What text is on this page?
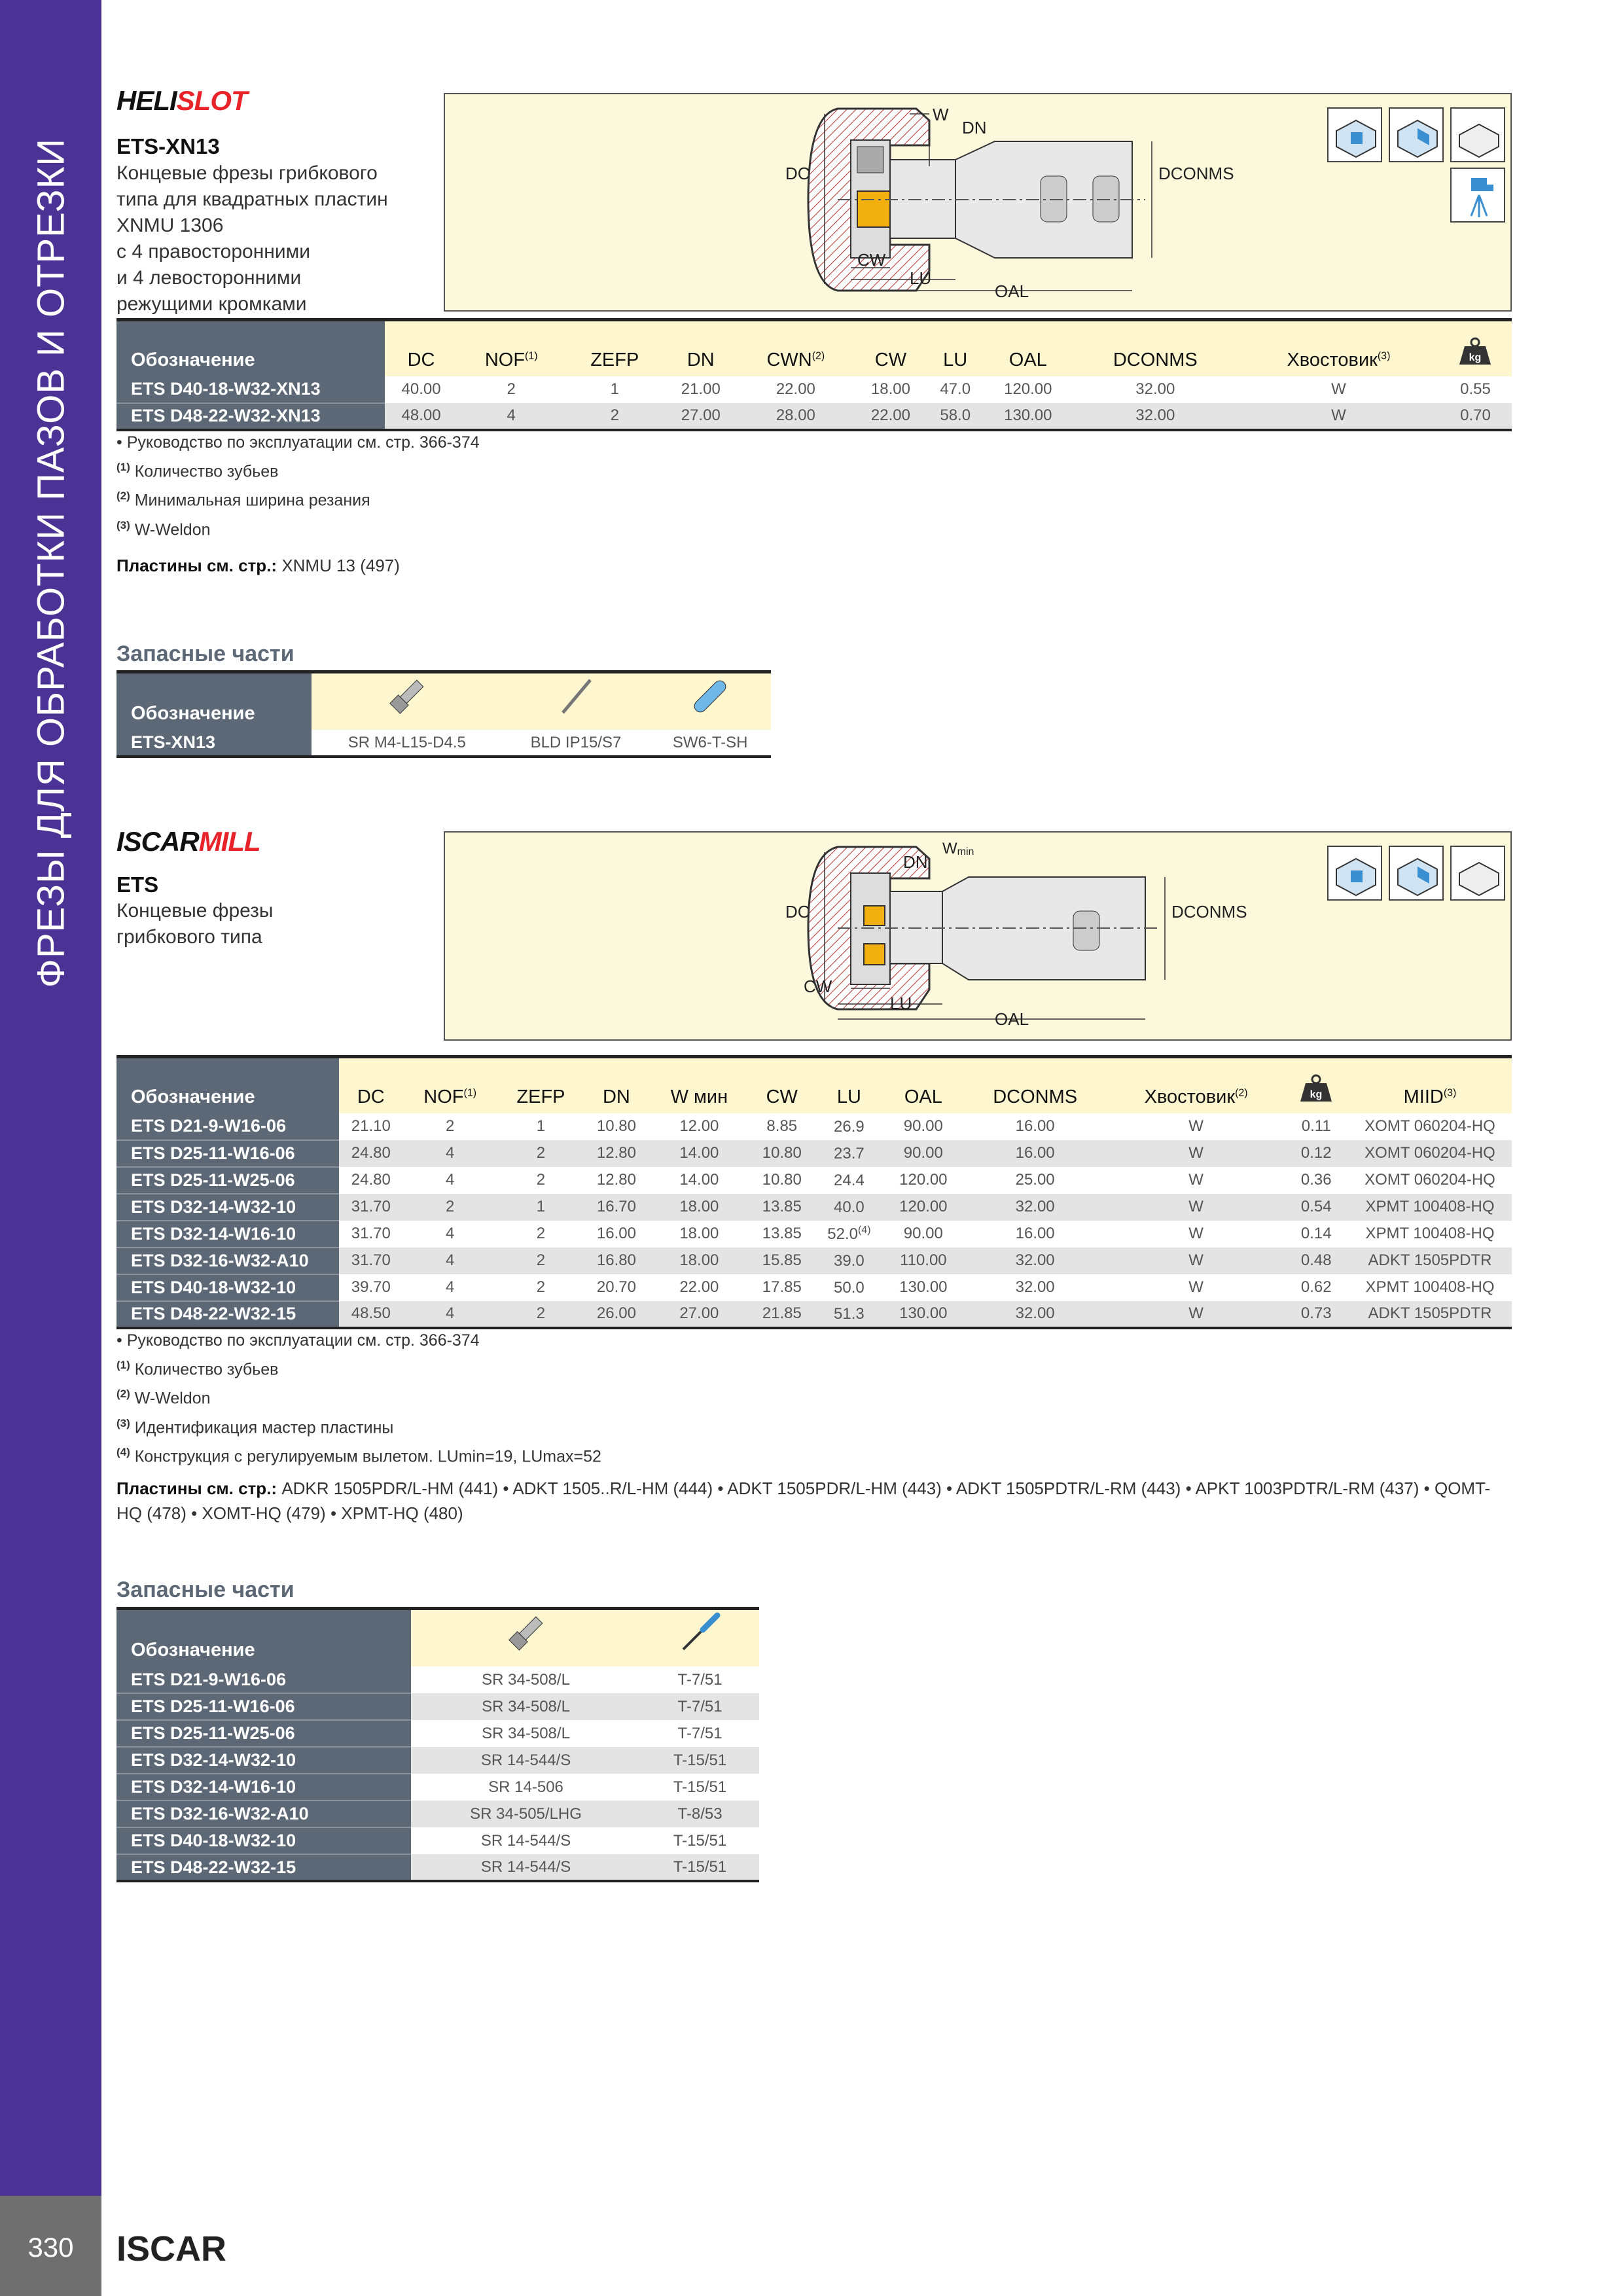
ФРЕЗЫ ДЛЯ ОБРАБОТКИ ПАЗОВ И ОТРЕЗКИ
330	ISCAR
HELISLOT
ETS-XN13
Концевые фрезы грибкового
типа для квадратных пластин
XNMU 1306
с 4 правосторонними
и 4 левосторонними
режущими кромками
W
DN
DC	DCONMS
CW
LU
OAL
Обозначение	DC	NOF$^{(1)}$	ZEFP	DN	CWN$^{(2)}$	CW	LU	OAL	DCONMS	Хвостовик$^{(3)}$	kg

ETS D40-18-W32-XN13	40.00	2	1	21.00	22.00	18.00	47.0	120.00	32.00	W	0.55
ETS D48-22-W32-XN13	48.00	4	2	27.00	28.00	22.00	58.0	130.00	32.00	W	0.70
• Руководство по эксплуатации см. стр. 366-374
$^{(1)}$ Количество зубьев
$^{(2)}$ Минимальная ширина резания
$^{(3)}$ W-Weldon
Пластины см. стр.: XNMU 13 (497)
Запасные части
Обозначение			
ETS-XN13	SR M4-L15-D4.5	BLD IP15/S7	SW6-T-SH
ISCARMILL
ETS
Концевые фрезы
грибкового типа
Wmin
DN
DC	DCONMS
CW
LU
OAL
Обозначение	DC	NOF$^{(1)}$	ZEFP	DN	W мин	CW	LU	OAL	DCONMS	Хвостовик$^{(2)}$	kg	MIID$^{(3)}$
ETS D21-9-W16-06	21.10	2	1	10.80	12.00	8.85	26.9	90.00	16.00	W	0.11	XOMT 060204-HQ
ETS D25-11-W16-06	24.80	4	2	12.80	14.00	10.80	23.7	90.00	16.00	W	0.12	XOMT 060204-HQ
ETS D25-11-W25-06	24.80	4	2	12.80	14.00	10.80	24.4	120.00	25.00	W	0.36	XOMT 060204-HQ
ETS D32-14-W32-10	31.70	2	1	16.70	18.00	13.85	40.0	120.00	32.00	W	0.54	XPMT 100408-HQ
ETS D32-14-W16-10	31.70	4	2	16.00	18.00	13.85	52.0$^{(4)}$	90.00	16.00	W	0.14	XPMT 100408-HQ
ETS D32-16-W32-A10	31.70	4	2	16.80	18.00	15.85	39.0	110.00	32.00	W	0.48	ADKT 1505PDTR
ETS D40-18-W32-10	39.70	4	2	20.70	22.00	17.85	50.0	130.00	32.00	W	0.62	XPMT 100408-HQ
ETS D48-22-W32-15	48.50	4	2	26.00	27.00	21.85	51.3	130.00	32.00	W	0.73	ADKT 1505PDTR
• Руководство по эксплуатации см. стр. 366-374
$^{(1)}$ Количество зубьев
$^{(2)}$ W-Weldon
$^{(3)}$ Идентификация мастер пластины
$^{(4)}$ Конструкция с регулируемым вылетом. LUmin=19, LUmax=52
Пластины см. стр.: ADKR 1505PDR/L-HM (441) • ADKT 1505..R/L-HM (444) • ADKT 1505PDR/L-HM (443) • ADKT 1505PDTR/L-RM (443) • APKT 1003PDTR/L-RM (437) • QOMT-HQ (478) • XOMT-HQ (479) • XPMT-HQ (480)
Запасные части
Обозначение		
ETS D21-9-W16-06	SR 34-508/L	T-7/51
ETS D25-11-W16-06	SR 34-508/L	T-7/51
ETS D25-11-W25-06	SR 34-508/L	T-7/51
ETS D32-14-W32-10	SR 14-544/S	T-15/51
ETS D32-14-W16-10	SR 14-506	T-15/51
ETS D32-16-W32-A10	SR 34-505/LHG	T-8/53
ETS D40-18-W32-10	SR 14-544/S	T-15/51
ETS D48-22-W32-15	SR 14-544/S	T-15/51
